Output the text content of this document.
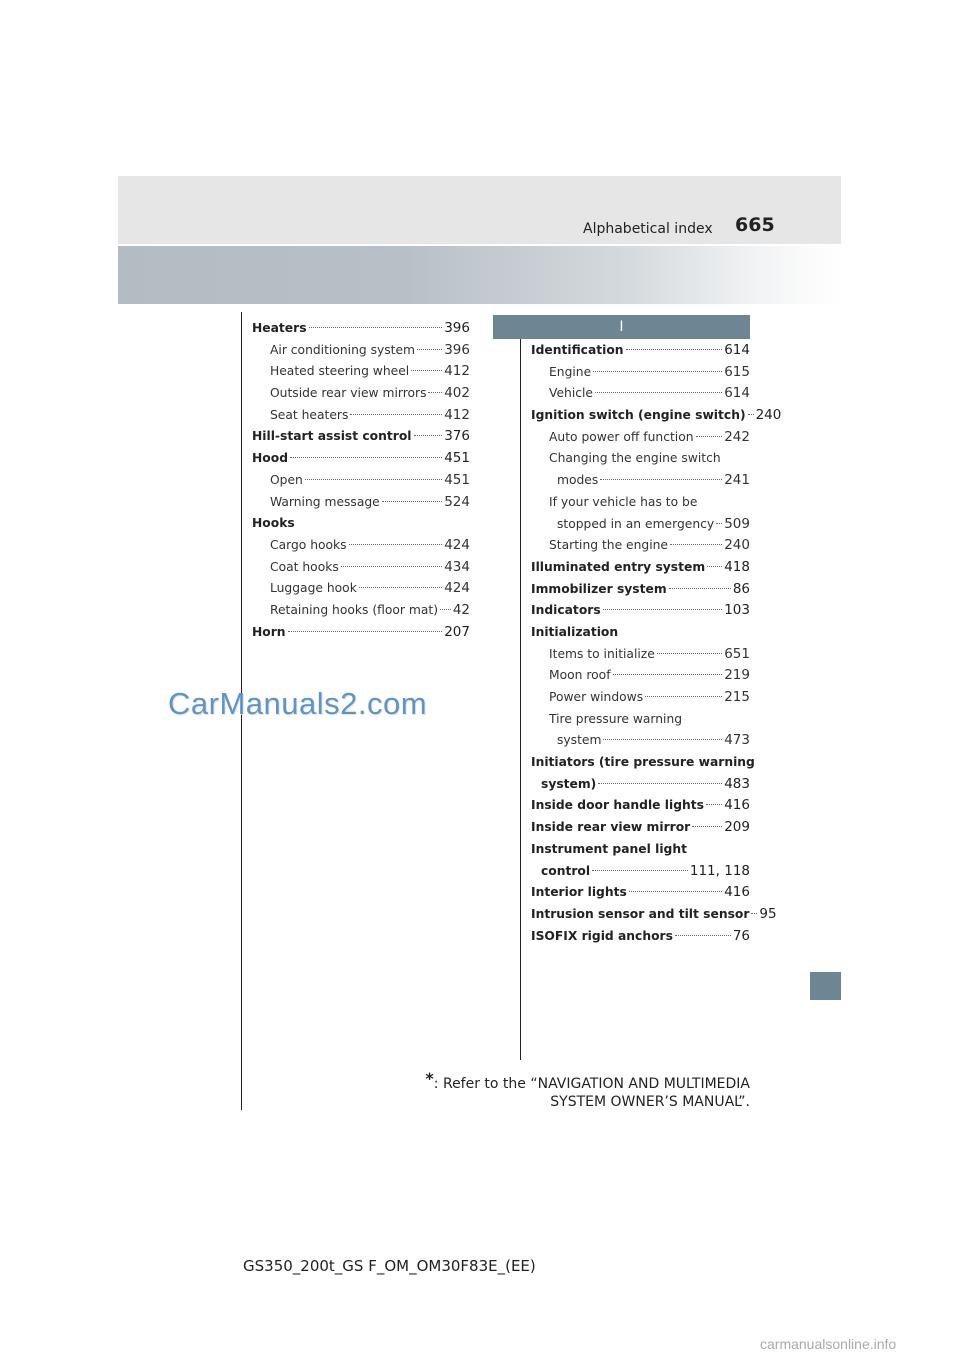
Alphabetical index 665
I
Heaters	396
Air conditioning system 396
Heated steering wheel	412
Outside rear view mirrors 402
Seat heaters	412
Hill-start assist control 376
Hood	451
Open	451
Warning message	524
Hooks
Cargo hooks	424
Coat hooks	434
Luggage hook	424
Retaining hooks (floor mat) 42
Horn	207
Identification	614
Engine	615
Vehicle	614
Ignition switch (engine switch) 240
Auto power off function 242
Changing the engine switch
modes	241
If your vehicle has to be
stopped in an emergency 509
Starting the engine	240
Illuminated entry system 418
Immobilizer system	86
Indicators	103
Initialization
Items to initialize	651
Moon roof	219
Power windows	215
Tire pressure warning
system	473
Initiators (tire pressure warning
system)	483
Inside door handle lights 416
Inside rear view mirror	209
Instrument panel light
control	111, 118
Interior lights	416
Intrusion sensor and tilt sensor 95
ISOFIX rigid anchors	76
*: Refer to the “NAVIGATION AND MULTIMEDIA
SYSTEM OWNER’S MANUAL”.
GS350_200t_GS F_OM_OM30F83E_(EE)
CarManuals2.com
carmanualsonline.info
